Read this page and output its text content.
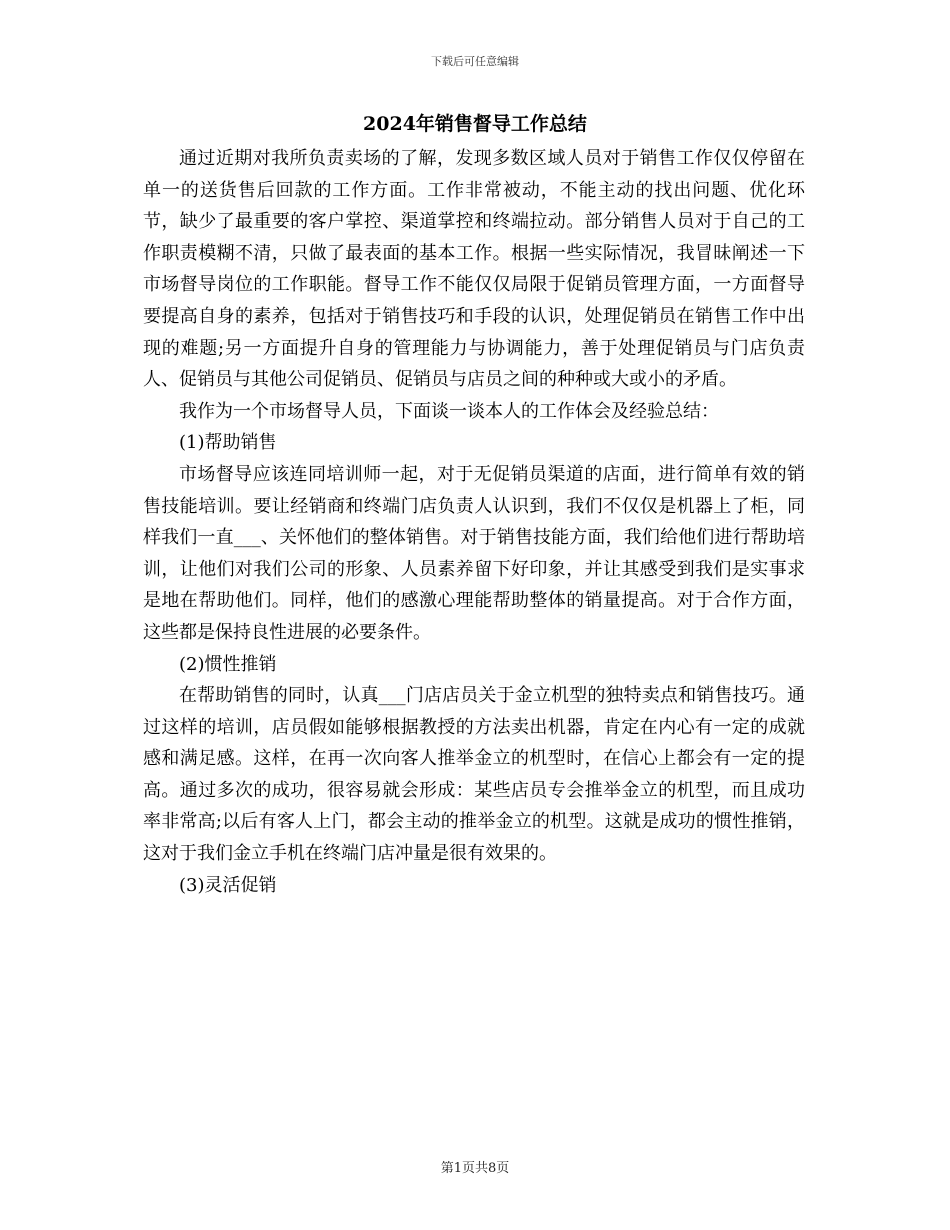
下载后可任意编辑
2024年销售督导工作总结

通过近期对我所负责卖场的了解，发现多数区域人员对于销售工作仅仅停留在单一的送货售后回款的工作方面。工作非常被动，不能主动的找出问题、优化环节，缺少了最重要的客户掌控、渠道掌控和终端拉动。部分销售人员对于自己的工作职责模糊不清，只做了最表面的基本工作。根据一些实际情况，我冒昧阐述一下市场督导岗位的工作职能。督导工作不能仅仅局限于促销员管理方面，一方面督导要提高自身的素养，包括对于销售技巧和手段的认识，处理促销员在销售工作中出现的难题;另一方面提升自身的管理能力与协调能力，善于处理促销员与门店负责人、促销员与其他公司促销员、促销员与店员之间的种种或大或小的矛盾。

我作为一个市场督导人员，下面谈一谈本人的工作体会及经验总结：

(1)帮助销售

市场督导应该连同培训师一起，对于无促销员渠道的店面，进行简单有效的销售技能培训。要让经销商和终端门店负责人认识到，我们不仅仅是机器上了柜，同样我们一直___、关怀他们的整体销售。对于销售技能方面，我们给他们进行帮助培训，让他们对我们公司的形象、人员素养留下好印象，并让其感受到我们是实事求是地在帮助他们。同样，他们的感激心理能帮助整体的销量提高。对于合作方面，这些都是保持良性进展的必要条件。

(2)惯性推销

在帮助销售的同时，认真___门店店员关于金立机型的独特卖点和销售技巧。通过这样的培训，店员假如能够根据教授的方法卖出机器，肯定在内心有一定的成就感和满足感。这样，在再一次向客人推举金立的机型时，在信心上都会有一定的提高。通过多次的成功，很容易就会形成：某些店员专会推举金立的机型，而且成功率非常高;以后有客人上门，都会主动的推举金立的机型。这就是成功的惯性推销，这对于我们金立手机在终端门店冲量是很有效果的。

(3)灵活促销

第1页共8页
